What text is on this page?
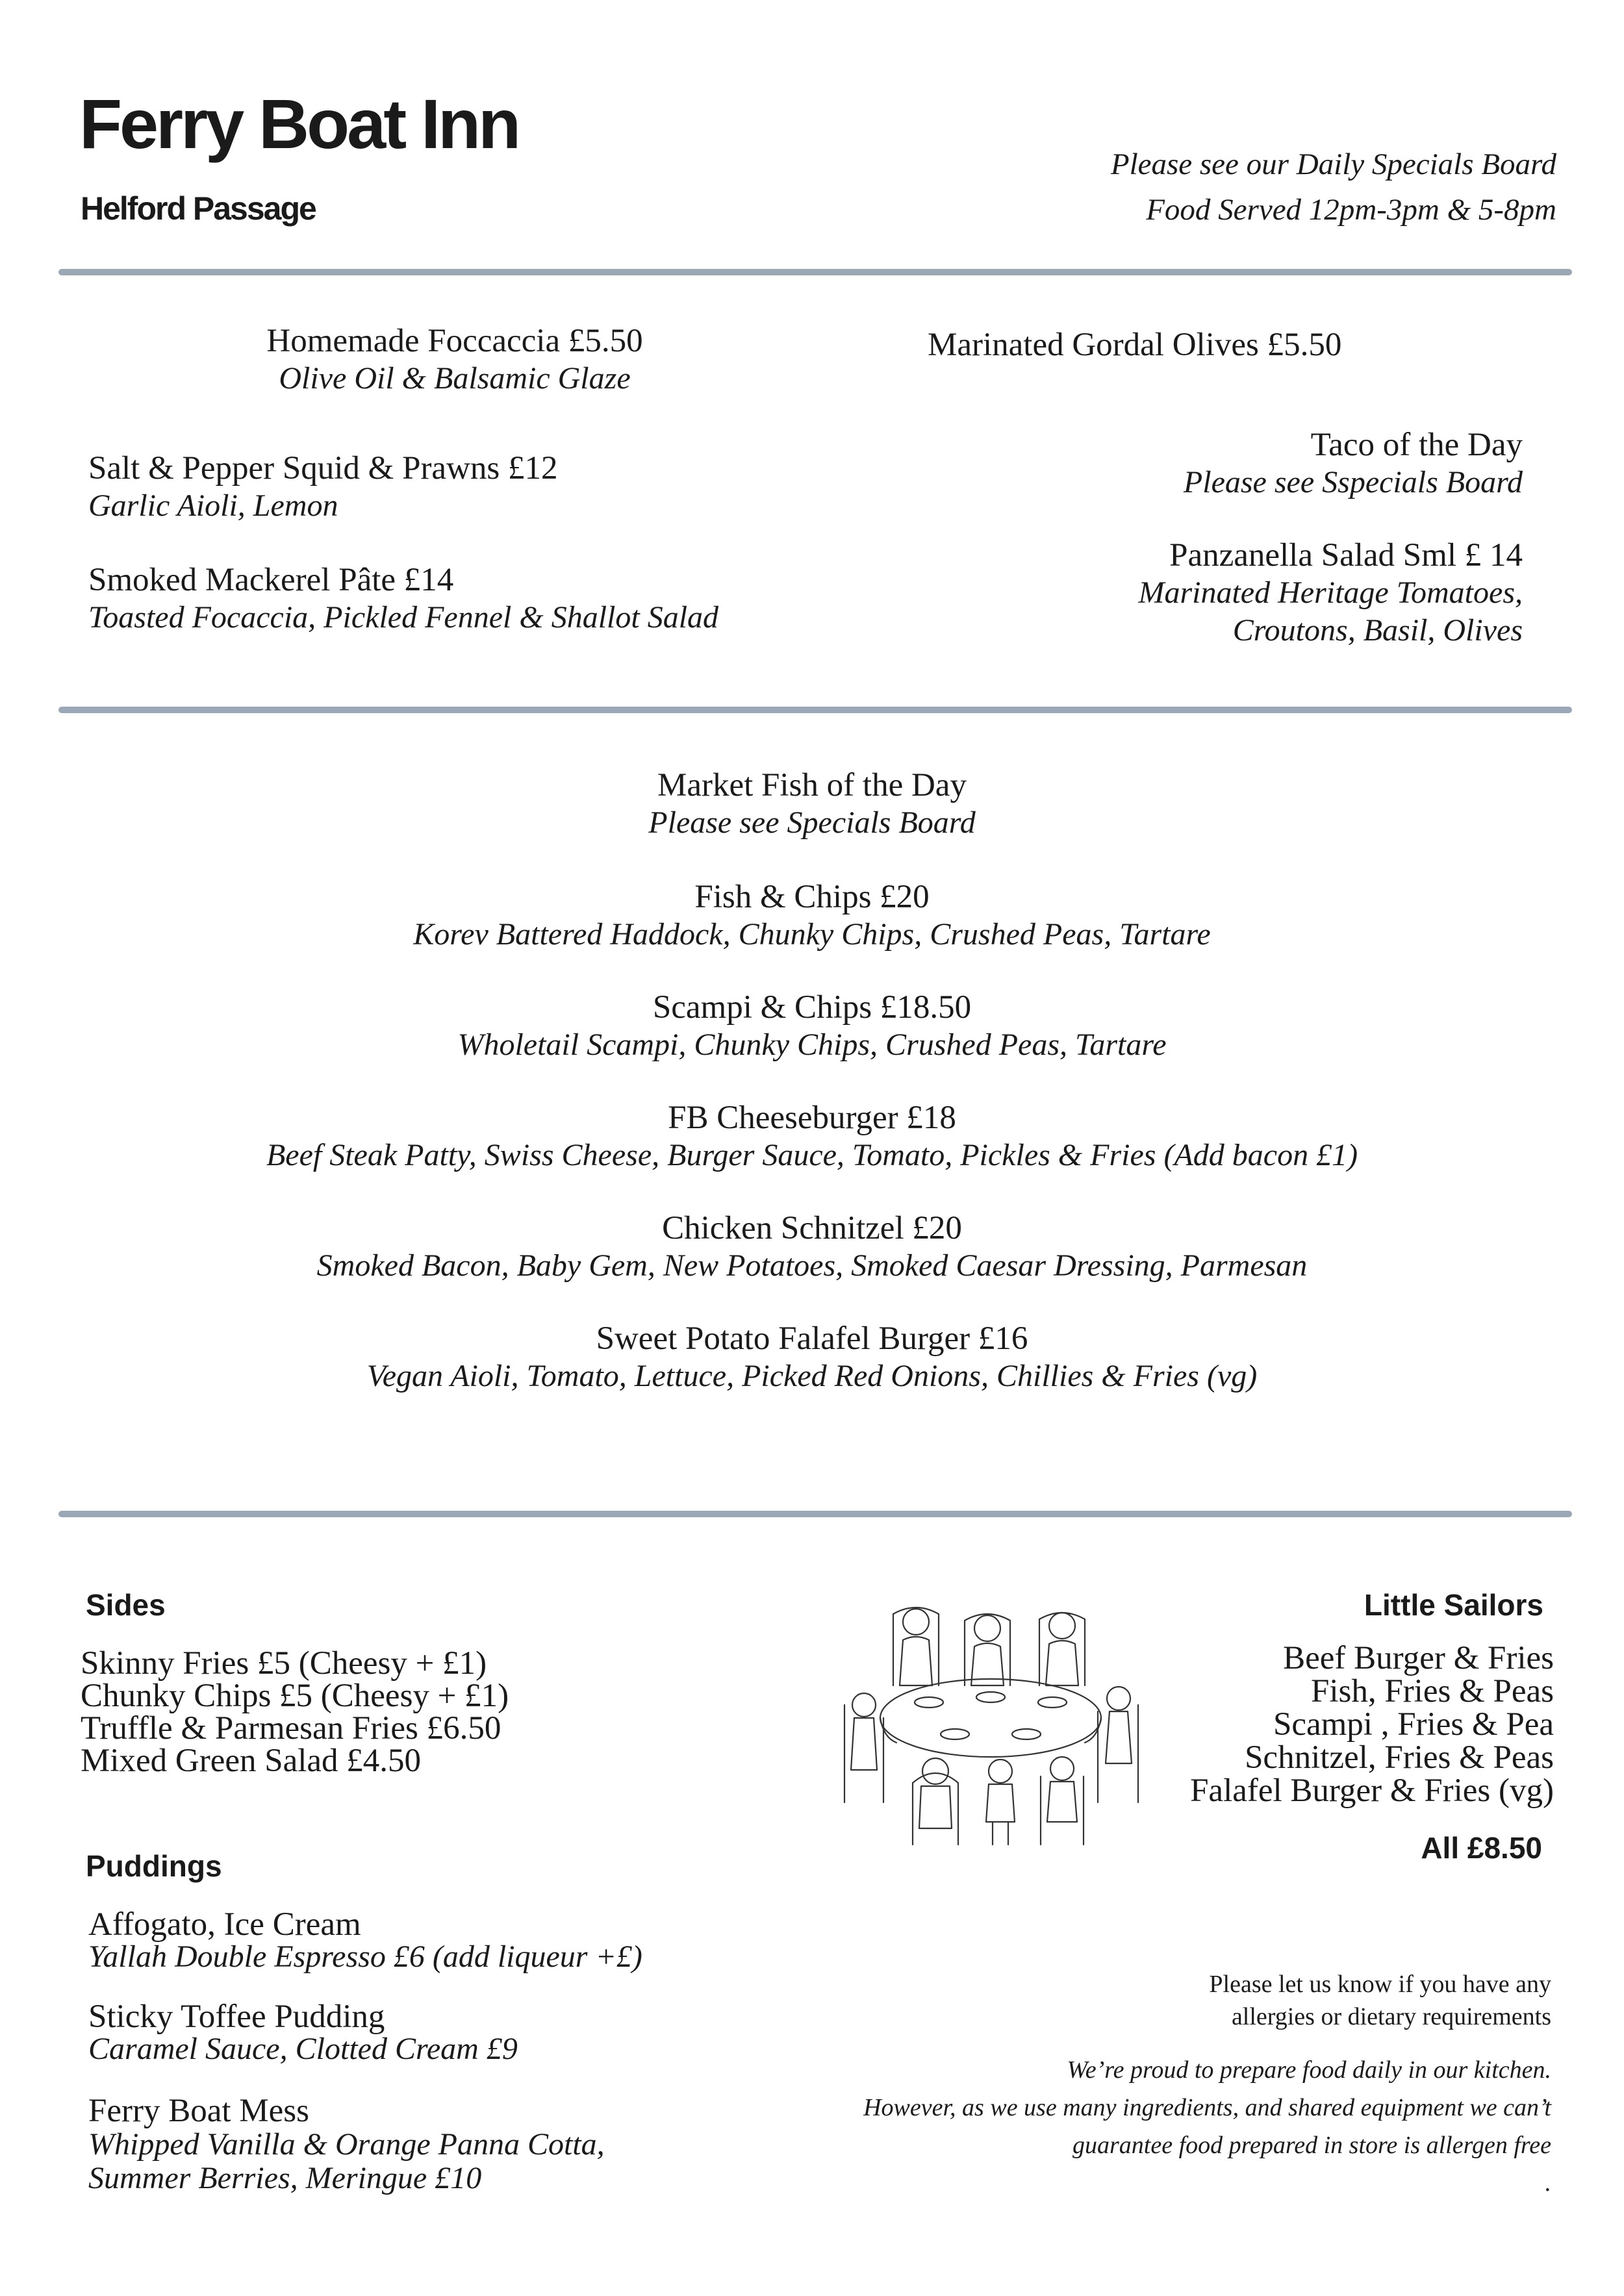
Ferry Boat Inn
Helford Passage
Please see our Daily Specials Board
Food Served 12pm-3pm & 5-8pm
Homemade Foccaccia £5.50
Olive Oil & Balsamic Glaze
Marinated Gordal Olives £5.50
Salt & Pepper Squid & Prawns £12
Garlic Aioli, Lemon
Taco of the Day
Please see Sspecials Board
Smoked Mackerel Pâte £14
Toasted Focaccia, Pickled Fennel & Shallot Salad
Panzanella Salad Sml £ 14
Marinated Heritage Tomatoes,
Croutons, Basil, Olives
Market Fish of the Day
Please see Specials Board
Fish & Chips £20
Korev Battered Haddock, Chunky Chips, Crushed Peas, Tartare
Scampi & Chips £18.50
Wholetail Scampi, Chunky Chips, Crushed Peas, Tartare
FB Cheeseburger £18
Beef Steak Patty, Swiss Cheese, Burger Sauce, Tomato, Pickles & Fries (Add bacon £1)
Chicken Schnitzel £20
Smoked Bacon, Baby Gem, New Potatoes, Smoked Caesar Dressing, Parmesan
Sweet Potato Falafel Burger £16
Vegan Aioli, Tomato, Lettuce, Picked Red Onions, Chillies & Fries (vg)
Sides
Skinny Fries £5 (Cheesy + £1)
Chunky Chips £5 (Cheesy + £1)
Truffle & Parmesan Fries £6.50
Mixed Green Salad £4.50
Puddings
Affogato, Ice Cream
Yallah Double Espresso £6 (add liqueur +£)
Sticky Toffee Pudding
Caramel Sauce, Clotted Cream £9
Ferry Boat Mess
Whipped Vanilla & Orange Panna Cotta,
Summer Berries, Meringue £10
Little Sailors
Beef Burger & Fries
Fish, Fries & Peas
Scampi , Fries & Pea
Schnitzel, Fries & Peas
Falafel Burger & Fries (vg)
All £8.50
Please let us know if you have any
allergies or dietary requirements
We’re proud to prepare food daily in our kitchen.
However, as we use many ingredients, and shared equipment we can’t
guarantee food prepared in store is allergen free
.
